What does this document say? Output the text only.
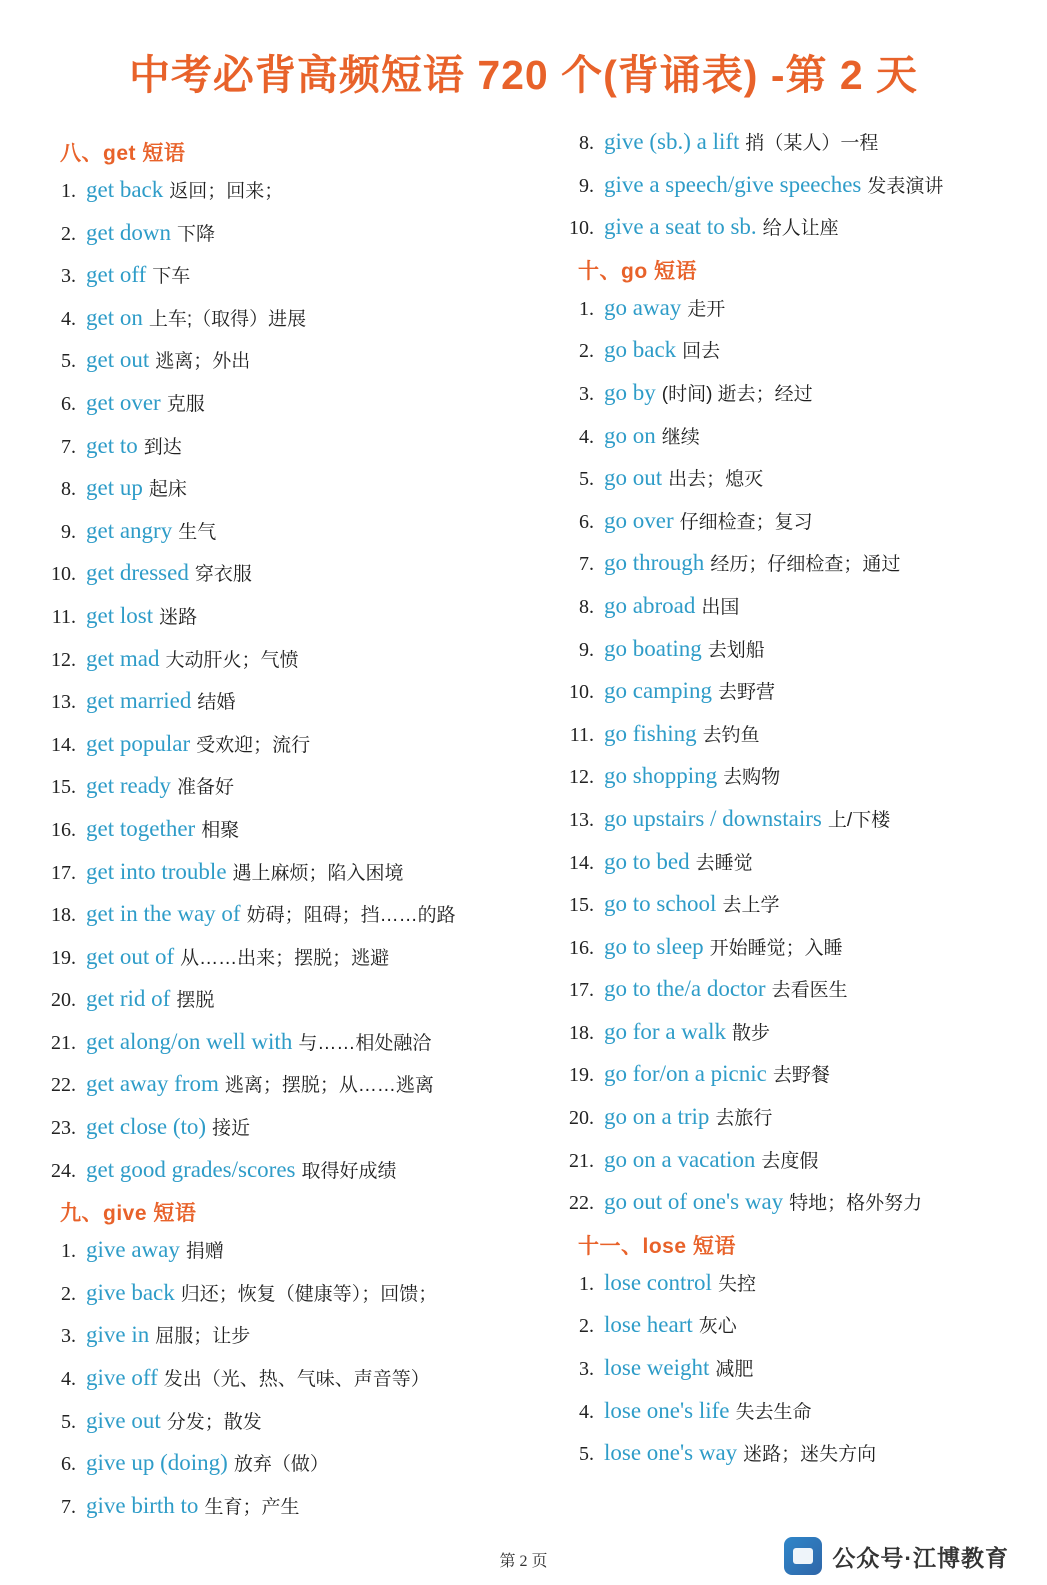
中考必背高频短语 720 个(背诵表) -第 2 天
八、get 短语
1. get back 返回；回来；
2. get down 下降
3. get off 下车
4. get on 上车;（取得）进展
5. get out 逃离；外出
6. get over 克服
7. get to 到达
8. get up 起床
9. get angry 生气
10. get dressed 穿衣服
11. get lost 迷路
12. get mad 大动肝火；气愤
13. get married 结婚
14. get popular 受欢迎；流行
15. get ready 准备好
16. get together 相聚
17. get into trouble 遇上麻烦；陷入困境
18. get in the way of 妨碍；阻碍；挡……的路
19. get out of 从……出来；摆脱；逃避
20. get rid of 摆脱
21. get along/on well with 与……相处融洽
22. get away from 逃离；摆脱；从……逃离
23. get close (to) 接近
24. get good grades/scores 取得好成绩
九、give 短语
1. give away 捐赠
2. give back 归还；恢复（健康等）；回馈；
3. give in 屈服；让步
4. give off 发出（光、热、气味、声音等）
5. give out 分发；散发
6. give up (doing) 放弃（做）
7. give birth to 生育；产生
8. give (sb.) a lift 捎（某人）一程
9. give a speech/give speeches 发表演讲
10. give a seat to sb. 给人让座
十、go 短语
1. go away 走开
2. go back 回去
3. go by (时间) 逝去；经过
4. go on 继续
5. go out 出去；熄灭
6. go over 仔细检查；复习
7. go through 经历；仔细检查；通过
8. go abroad 出国
9. go boating 去划船
10. go camping 去野营
11. go fishing 去钓鱼
12. go shopping 去购物
13. go upstairs / downstairs 上/下楼
14. go to bed 去睡觉
15. go to school 去上学
16. go to sleep 开始睡觉；入睡
17. go to the/a doctor 去看医生
18. go for a walk 散步
19. go for/on a picnic 去野餐
20. go on a trip 去旅行
21. go on a vacation 去度假
22. go out of one's way 特地；格外努力
十一、lose 短语
1. lose control 失控
2. lose heart 灰心
3. lose weight 减肥
4. lose one's life 失去生命
5. lose one's way 迷路；迷失方向
第 2 页	公众号·江博教育
